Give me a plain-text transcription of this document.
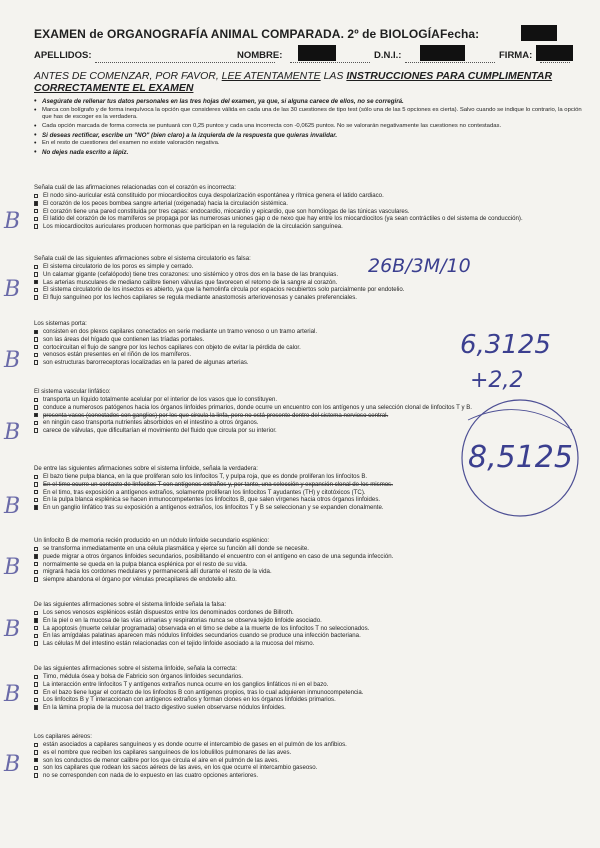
EXAMEN de ORGANOGRAFÍA ANIMAL COMPARADA. 2º de BIOLOGÍA Fecha:
APELLIDOS:	NOMBRE:	D.N.I.:	FIRMA:
ANTES DE COMENZAR, POR FAVOR, LEE ATENTAMENTE LAS INSTRUCCIONES PARA CUMPLIMENTAR
CORRECTAMENTE EL EXAMEN
• Asegúrate de rellenar tus datos personales en las tres hojas del examen, ya que, si alguna carece de ellos, no se corregirá.
• Marca con bolígrafo y de forma inequívoca la opción que consideres válida en cada una de las 30 cuestiones de tipo test (sólo una de las 5 opciones es cierta). Salvo cuando se indique lo contrario, la opción que has de escoger es la verdadera.
• Cada opción marcada de forma correcta se puntuará con 0,25 puntos y cada una incorrecta con -0,0625 puntos. No se valorarán negativamente las cuestiones no contestadas.
• Si deseas rectificar, escribe un "NO" (bien claro) a la izquierda de la respuesta que quieras invalidar.
• En el resto de cuestiones del examen no existe valoración negativa.
• No dejes nada escrito a lápiz.
Señala cuál de las afirmaciones relacionadas con el corazón es incorrecta:
El nodo sino-auricular está constituido por miocardiocitos cuya despolarización espontánea y rítmica genera el latido cardiaco.
El corazón de los peces bombea sangre arterial (oxigenada) hacia la circulación sistémica.
El corazón tiene una pared constituida por tres capas: endocardio, miocardio y epicardio, que son homólogas de las túnicas vasculares.
El latido del corazón de los mamíferos se propaga por las numerosas uniones gap o de nexo que hay entre los miocardiocitos (ya sean contráctiles o del sistema de conducción).
Los miocardiocitos auriculares producen hormonas que participan en la regulación de la circulación sanguínea.
Señala cuál de las siguientes afirmaciones sobre el sistema circulatorio es falsa:
El sistema circulatorio de los poros es simple y cerrado.
Un calamar gigante (cefalópodo) tiene tres corazones: uno sistémico y otros dos en la base de las branquias.
Las arterias musculares de mediano calibre tienen válvulas que favorecen el retorno de la sangre al corazón.
El sistema circulatorio de los insectos es abierto, ya que la hemolinfa circula por espacios recubiertos solo parcialmente por endotelio.
El flujo sanguíneo por los lechos capilares se regula mediante anastomosis arteriovenosas y canales preferenciales.
Los sistemas porta:
consisten en dos plexos capilares conectados en serie mediante un tramo venoso o un tramo arterial.
son las áreas del hígado que contienen las tríadas portales.
cortocircuitan el flujo de sangre por los lechos capilares con objeto de evitar la pérdida de calor.
venosos están presentes en el riñón de los mamíferos.
son estructuras barorreceptoras localizadas en la pared de algunas arterias.
El sistema vascular linfático:
transporta un líquido totalmente acelular por el interior de los vasos que lo constituyen.
conduce a numerosos patógenos hacia los órganos linfoides primarios, donde ocurre un encuentro con los antígenos y una selección clonal de linfocitos T y B.
presenta vasos (conectados con ganglios) por los que circula la linfa, pero no está presente dentro del sistema nervioso central.
en ningún caso transporta nutrientes absorbidos en el intestino a otros órganos.
carece de válvulas, que dificultarían el movimiento del fluido que circula por su interior.
De entre las siguientes afirmaciones sobre el sistema linfoide, señala la verdadera:
El bazo tiene pulpa blanca, en la que proliferan solo los linfocitos T, y pulpa roja, que es donde proliferan los linfocitos B.
En el timo ocurre un contacto de linfocitos T con antígenos extraños y, por tanto, una selección y expansión clonal de los mismos.
En el timo, tras exposición a antígenos extraños, solamente proliferan los linfocitos T ayudantes (TH) y citotóxicos (TC).
En la pulpa blanca esplénica se hacen inmunocompetentes los linfocitos B, que salen vírgenes hacia otros órganos linfoides.
En un ganglio linfático tras su exposición a antígenos extraños, los linfocitos T y B se seleccionan y se expanden clonalmente.
Un linfocito B de memoria recién producido en un nódulo linfoide secundario esplénico:
se transforma inmediatamente en una célula plasmática y ejerce su función allí donde se necesite.
puede migrar a otros órganos linfoides secundarios, posibilitando el encuentro con el antígeno en caso de una segunda infección.
normalmente se queda en la pulpa blanca esplénica por el resto de su vida.
migrará hacia los cordones medulares y permanecerá allí durante el resto de la vida.
siempre abandona el órgano por vénulas precapilares de endotelio alto.
De las siguientes afirmaciones sobre el sistema linfoide señala la falsa:
Los senos venosos esplénicos están dispuestos entre los denominados cordones de Billroth.
En la piel o en la mucosa de las vías urinarias y respiratorias nunca se observa tejido linfoide asociado.
La apoptosis (muerte celular programada) observada en el timo se debe a la muerte de los linfocitos T no seleccionados.
En las amígdalas palatinas aparecen más nódulos linfoides secundarios cuando se produce una infección bacteriana.
Las células M del intestino están relacionadas con el tejido linfoide asociado a la mucosa del mismo.
De las siguientes afirmaciones sobre el sistema linfoide, señala la correcta:
Timo, médula ósea y bolsa de Fabricio son órganos linfoides secundarios.
La interacción entre linfocitos T y antígenos extraños nunca ocurre en los ganglios linfáticos ni en el bazo.
En el bazo tiene lugar el contacto de los linfocitos B con antígenos propios, tras lo cual adquieren inmunocompetencia.
Los linfocitos B y T interaccionan con antígenos extraños y forman clones en los órganos linfoides primarios.
En la lámina propia de la mucosa del tracto digestivo suelen observarse nódulos linfoides.
Los capilares aéreos:
están asociados a capilares sanguíneos y es donde ocurre el intercambio de gases en el pulmón de los anfibios.
es el nombre que reciben los capilares sanguíneos de los lobulillos pulmonares de las aves.
son los conductos de menor calibre por los que circula el aire en el pulmón de las aves.
son los capilares que rodean los sacos aéreos de las aves, en los que ocurre el intercambio gaseoso.
no se corresponden con nada de lo expuesto en las cuatro opciones anteriores.
26B/3M/10
6,3125
+2,2
8,5125
B
B
B
B
B
B
B
B
B
